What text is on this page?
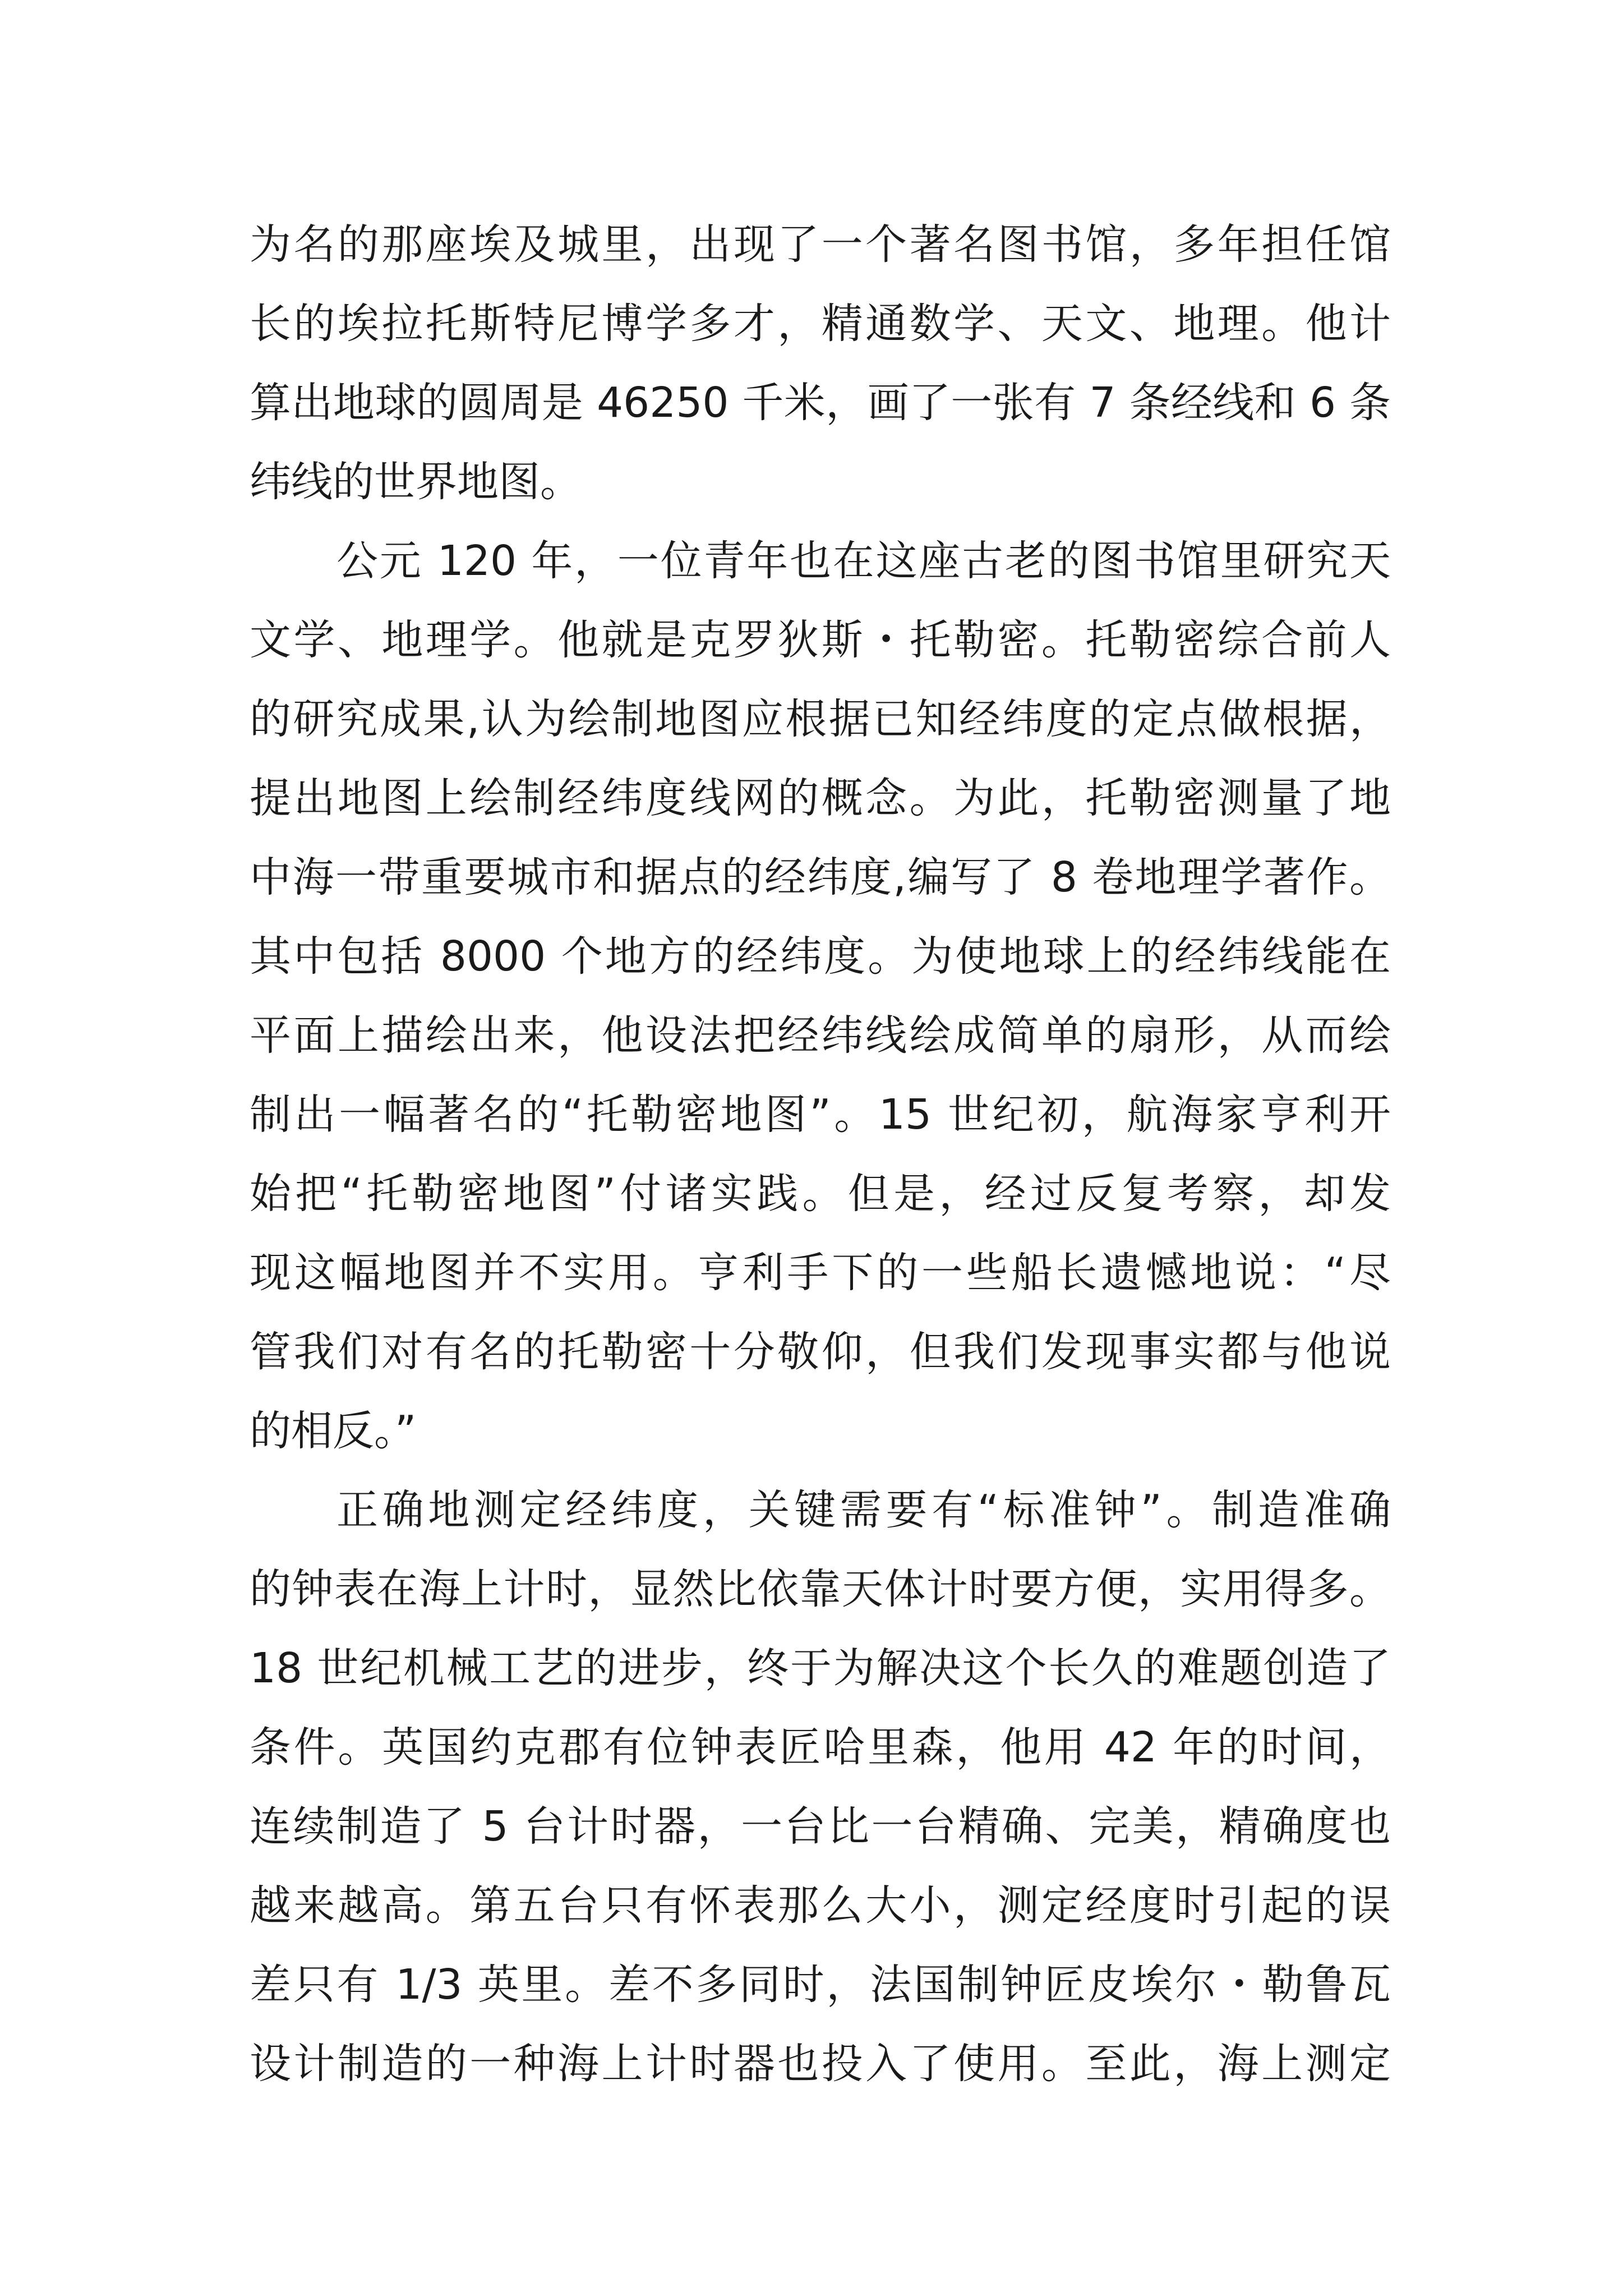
为名的那座埃及城里，出现了一个著名图书馆，多年担任馆
长的埃拉托斯特尼博学多才，精通数学、天文、地理。他计
算出地球的圆周是 46250 千米，画了一张有 7 条经线和 6 条
纬线的世界地图。
公元 120 年，一位青年也在这座古老的图书馆里研究天
文学、地理学。他就是克罗狄斯・托勒密。托勒密综合前人
的研究成果,认为绘制地图应根据已知经纬度的定点做根据，
提出地图上绘制经纬度线网的概念。为此，托勒密测量了地
中海一带重要城市和据点的经纬度,编写了 8 卷地理学著作。
其中包括 8000 个地方的经纬度。为使地球上的经纬线能在
平面上描绘出来，他设法把经纬线绘成简单的扇形，从而绘
制出一幅著名的“托勒密地图”。15 世纪初，航海家亨利开
始把“托勒密地图”付诸实践。但是，经过反复考察，却发
现这幅地图并不实用。亨利手下的一些船长遗憾地说：“尽
管我们对有名的托勒密十分敬仰，但我们发现事实都与他说
的相反。”
正确地测定经纬度，关键需要有“标准钟”。制造准确
的钟表在海上计时，显然比依靠天体计时要方便，实用得多。
18 世纪机械工艺的进步，终于为解决这个长久的难题创造了
条件。英国约克郡有位钟表匠哈里森，他用 42 年的时间，
连续制造了 5 台计时器，一台比一台精确、完美，精确度也
越来越高。第五台只有怀表那么大小，测定经度时引起的误
差只有 1/3 英里。差不多同时，法国制钟匠皮埃尔・勒鲁瓦
设计制造的一种海上计时器也投入了使用。至此，海上测定
